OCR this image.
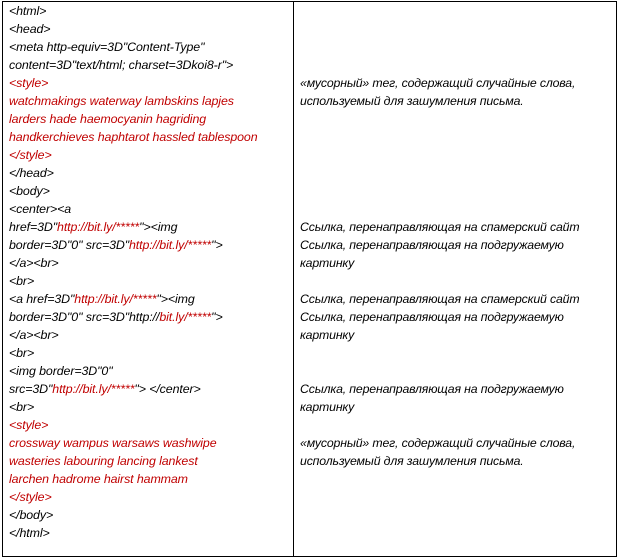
<html>
<head>
<meta http-equiv=3D"Content-Type"
content=3D"text/html; charset=3Dkoi8-r">
<style>
watchmakings waterway lambskins lapjes
larders hade haemocyanin hagriding
handkerchieves haphtarot hassled tablespoon
</style>
</head>
<body>
<center><a
href=3D"http://bit.ly/*****"><img
border=3D"0" src=3D"http://bit.ly/*****">
</a><br>
<br>
<a href=3D"http://bit.ly/*****"><img
border=3D"0" src=3D"http://bit.ly/*****">
</a><br>
<br>
<img border=3D"0"
src=3D"http://bit.ly/*****"> </center>
<br>
<style>
crossway wampus warsaws washwipe
wasteries labouring lancing lankest
larchen hadrome hairst hammam
</style>
</body>
</html>
«мусорный» тег, содержащий случайные слова,
используемый для зашумления письма.
Ссылка, перенаправляющая на спамерский сайт
Ссылка, перенаправляющая на подгружаемую
картинку
Ссылка, перенаправляющая на спамерский сайт
Ссылка, перенаправляющая на подгружаемую
картинку
Ссылка, перенаправляющая на подгружаемую
картинку
«мусорный» тег, содержащий случайные слова,
используемый для зашумления письма.
